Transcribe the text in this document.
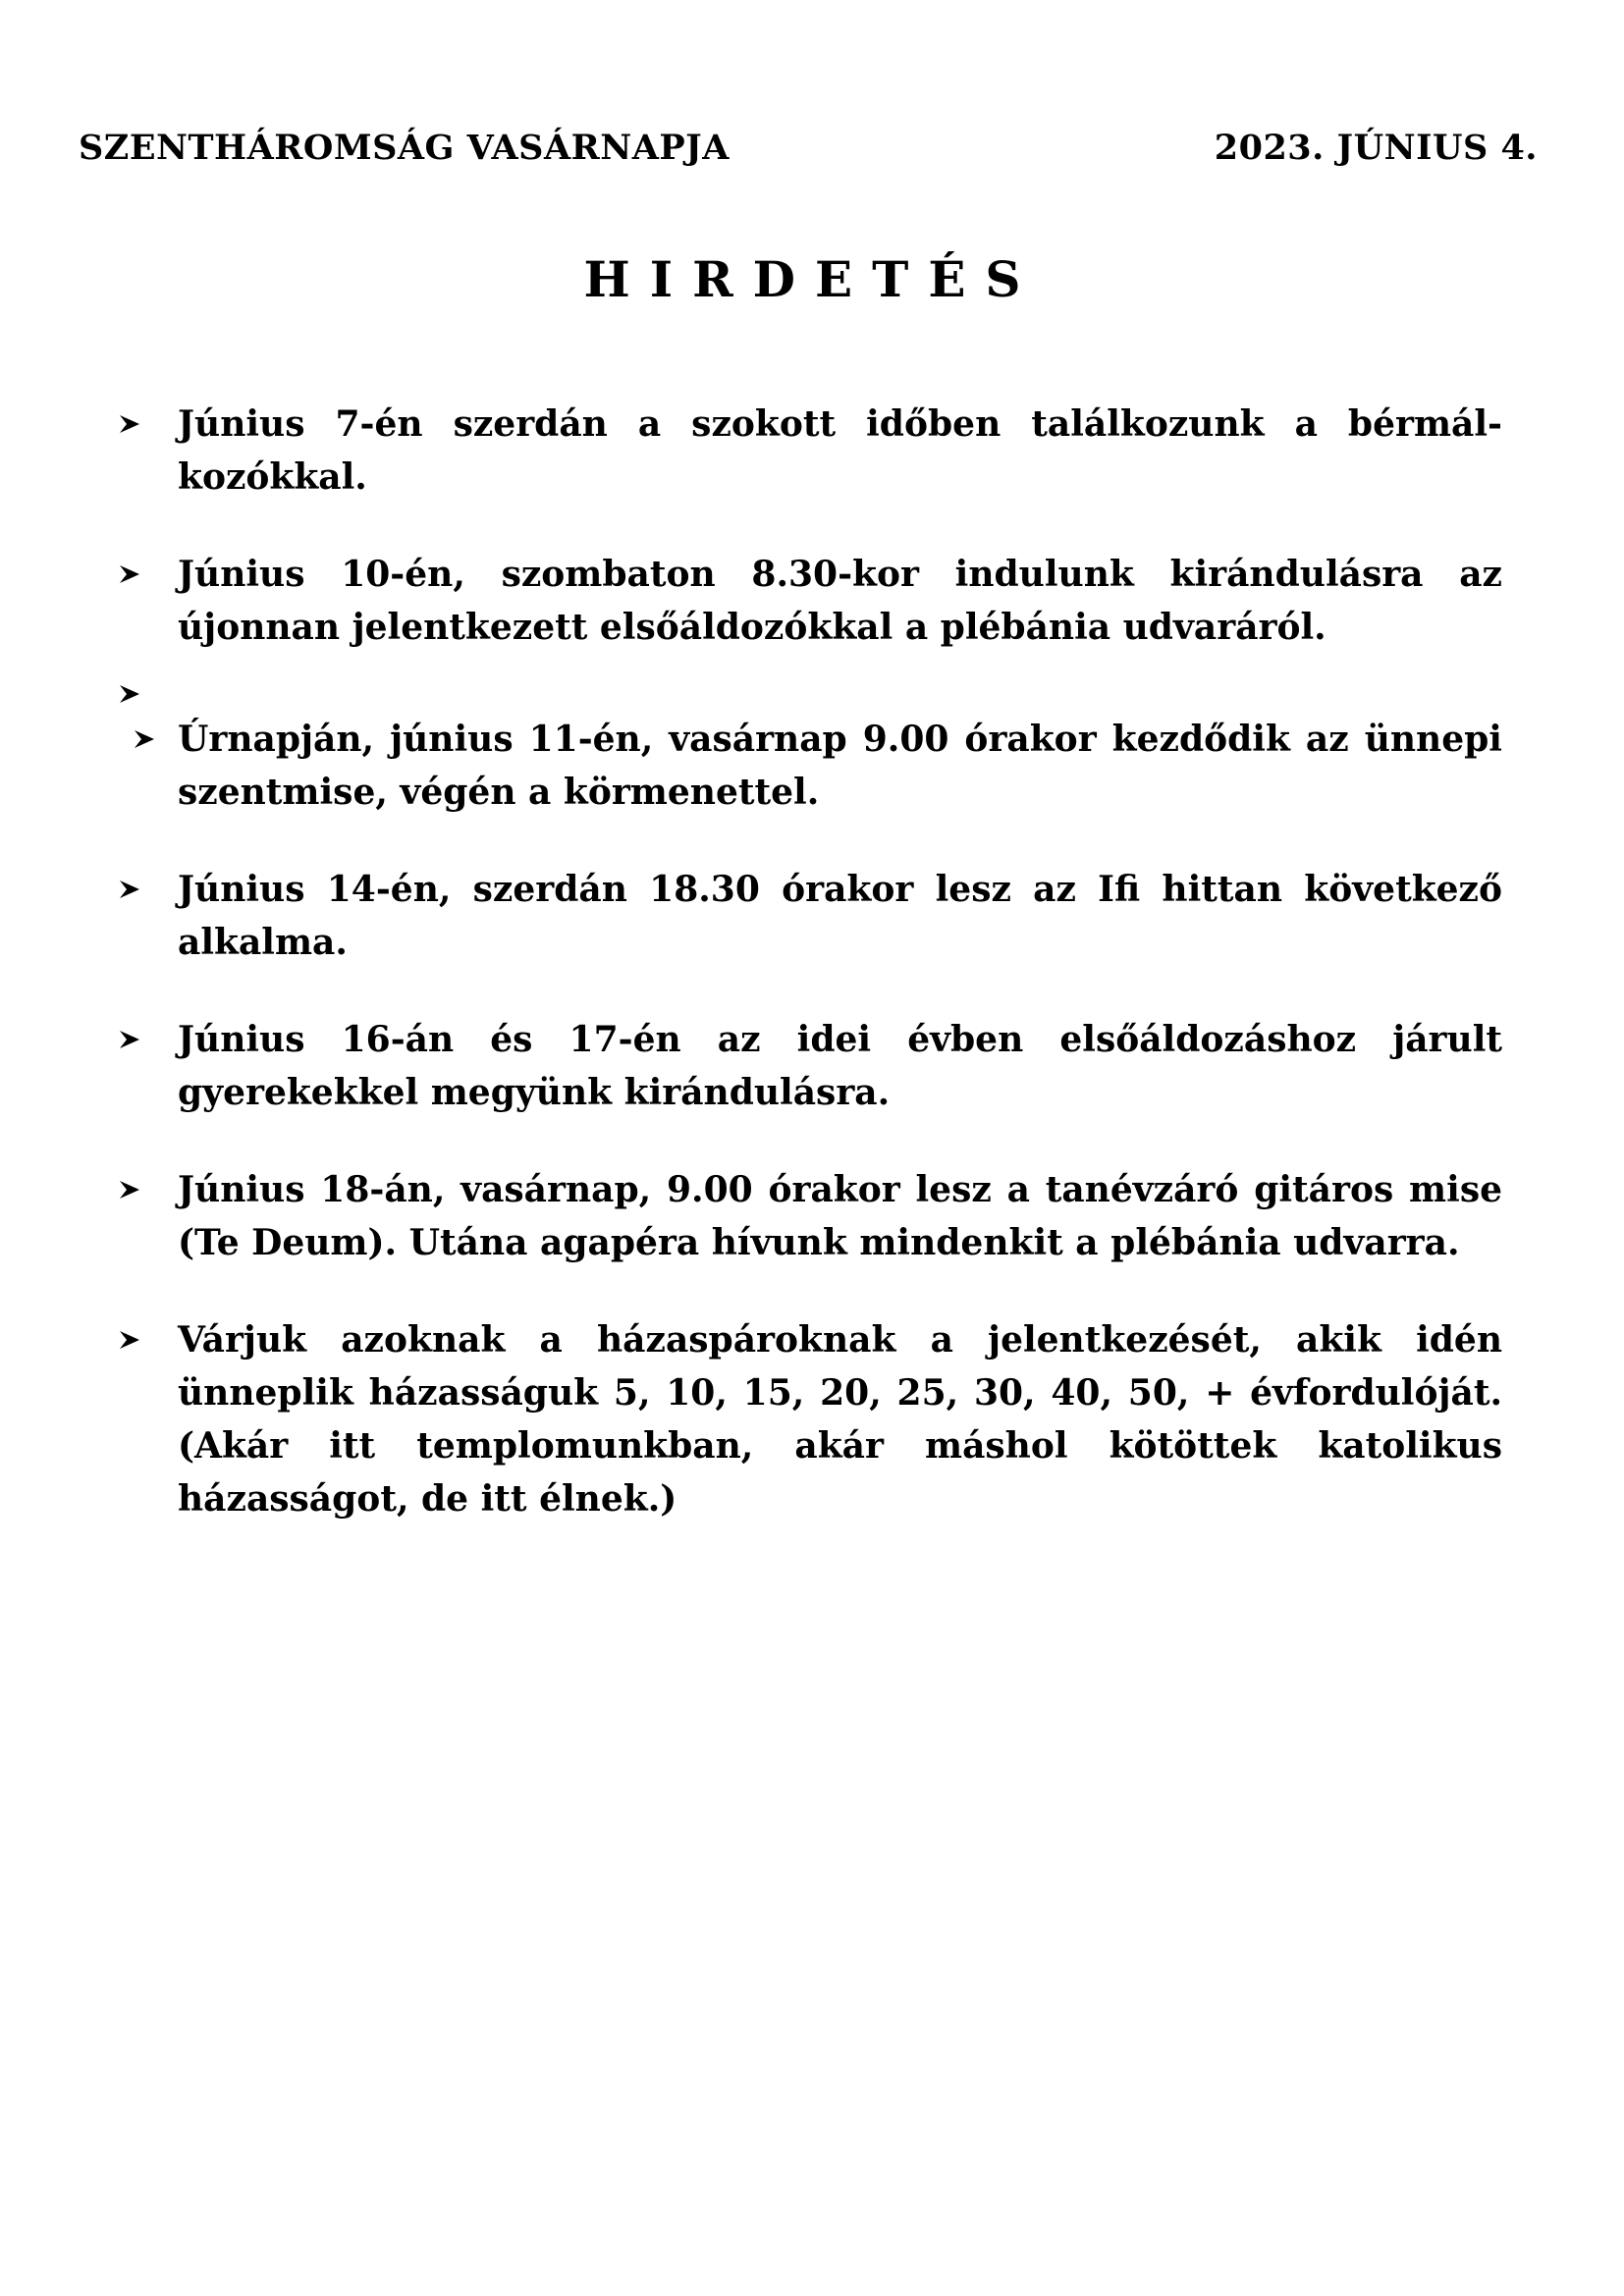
SZENTHÁROMSÁG VASÁRNAPJA	2023. JÚNIUS 4.
HIRDETÉS
Június 7-én szerdán a szokott időben találkozunk a bérmál-kozókkal.
Június 10-én, szombaton 8.30-kor indulunk kirándulásra az újonnan jelentkezett elsőáldozókkal a plébánia udvaráról.
Úrnapján, június 11-én, vasárnap 9.00 órakor kezdődik az ünnepi szentmise, végén a körmenettel.
Június 14-én, szerdán 18.30 órakor lesz az Ifi hittan következő alkalma.
Június 16-án és 17-én az idei évben elsőáldozáshoz járult gyerekekkel megyünk kirándulásra.
Június 18-án, vasárnap, 9.00 órakor lesz a tanévzáró gitáros mise (Te Deum). Utána agapéra hívunk mindenkit a plébánia udvarra.
Várjuk azoknak a házaspároknak a jelentkezését, akik idén ünneplik házasságuk 5, 10, 15, 20, 25, 30, 40, 50, + évfordulóját. (Akár itt templomunkban, akár máshol kötöttek katolikus házasságot, de itt élnek.)
